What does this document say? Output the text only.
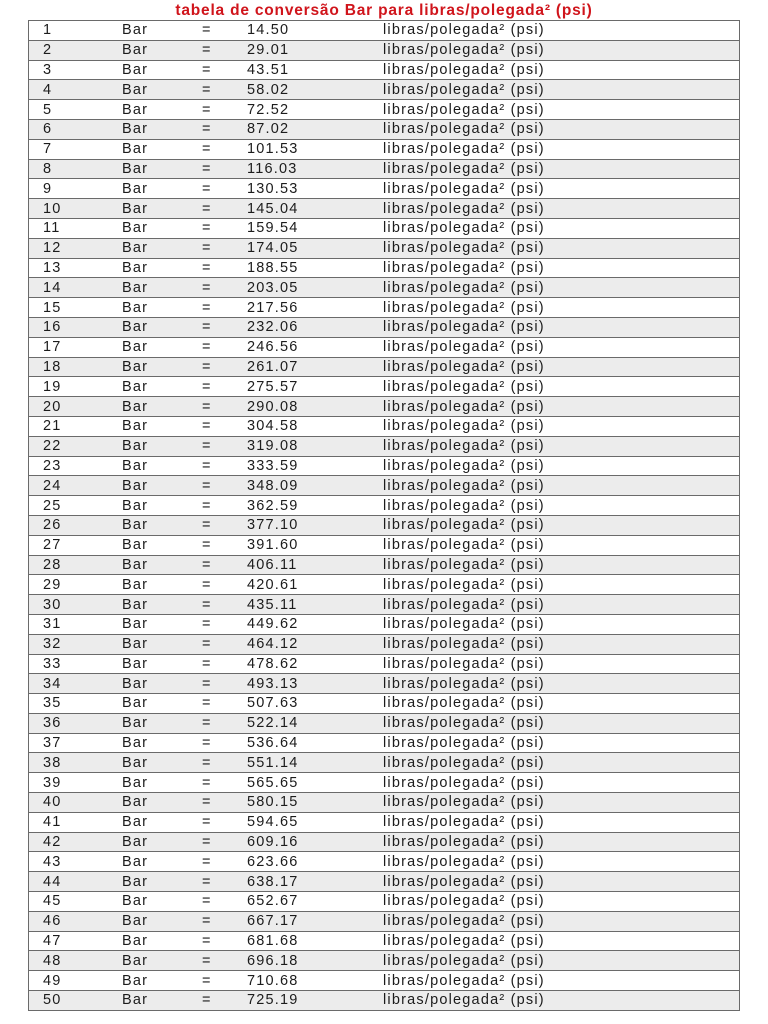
tabela de conversão Bar para libras/polegada² (psi)
1	Bar	=	14.50	libras/polegada² (psi)
2	Bar	=	29.01	libras/polegada² (psi)
3	Bar	=	43.51	libras/polegada² (psi)
4	Bar	=	58.02	libras/polegada² (psi)
5	Bar	=	72.52	libras/polegada² (psi)
6	Bar	=	87.02	libras/polegada² (psi)
7	Bar	=	101.53	libras/polegada² (psi)
8	Bar	=	116.03	libras/polegada² (psi)
9	Bar	=	130.53	libras/polegada² (psi)
10	Bar	=	145.04	libras/polegada² (psi)
11	Bar	=	159.54	libras/polegada² (psi)
12	Bar	=	174.05	libras/polegada² (psi)
13	Bar	=	188.55	libras/polegada² (psi)
14	Bar	=	203.05	libras/polegada² (psi)
15	Bar	=	217.56	libras/polegada² (psi)
16	Bar	=	232.06	libras/polegada² (psi)
17	Bar	=	246.56	libras/polegada² (psi)
18	Bar	=	261.07	libras/polegada² (psi)
19	Bar	=	275.57	libras/polegada² (psi)
20	Bar	=	290.08	libras/polegada² (psi)
21	Bar	=	304.58	libras/polegada² (psi)
22	Bar	=	319.08	libras/polegada² (psi)
23	Bar	=	333.59	libras/polegada² (psi)
24	Bar	=	348.09	libras/polegada² (psi)
25	Bar	=	362.59	libras/polegada² (psi)
26	Bar	=	377.10	libras/polegada² (psi)
27	Bar	=	391.60	libras/polegada² (psi)
28	Bar	=	406.11	libras/polegada² (psi)
29	Bar	=	420.61	libras/polegada² (psi)
30	Bar	=	435.11	libras/polegada² (psi)
31	Bar	=	449.62	libras/polegada² (psi)
32	Bar	=	464.12	libras/polegada² (psi)
33	Bar	=	478.62	libras/polegada² (psi)
34	Bar	=	493.13	libras/polegada² (psi)
35	Bar	=	507.63	libras/polegada² (psi)
36	Bar	=	522.14	libras/polegada² (psi)
37	Bar	=	536.64	libras/polegada² (psi)
38	Bar	=	551.14	libras/polegada² (psi)
39	Bar	=	565.65	libras/polegada² (psi)
40	Bar	=	580.15	libras/polegada² (psi)
41	Bar	=	594.65	libras/polegada² (psi)
42	Bar	=	609.16	libras/polegada² (psi)
43	Bar	=	623.66	libras/polegada² (psi)
44	Bar	=	638.17	libras/polegada² (psi)
45	Bar	=	652.67	libras/polegada² (psi)
46	Bar	=	667.17	libras/polegada² (psi)
47	Bar	=	681.68	libras/polegada² (psi)
48	Bar	=	696.18	libras/polegada² (psi)
49	Bar	=	710.68	libras/polegada² (psi)
50	Bar	=	725.19	libras/polegada² (psi)
